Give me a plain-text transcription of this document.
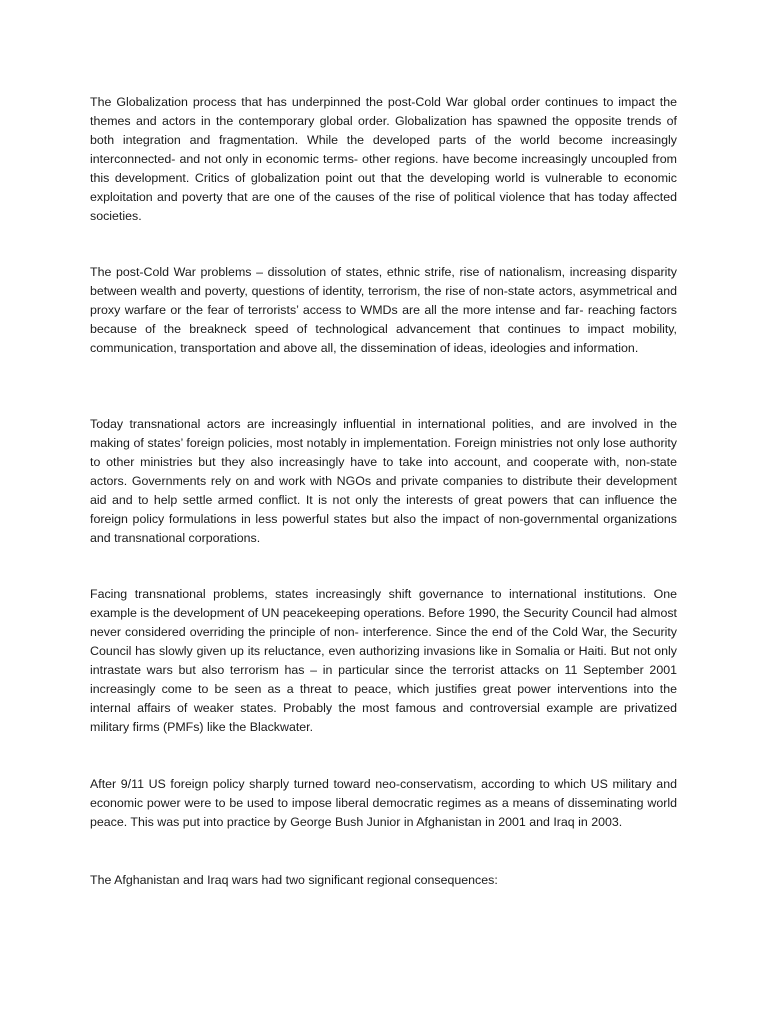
The Globalization process that has underpinned the post-Cold War global order continues to impact the themes and actors in the contemporary global order. Globalization has spawned the opposite trends of both integration and fragmentation. While the developed parts of the world become increasingly interconnected- and not only in economic terms- other regions. have become increasingly uncoupled from this development. Critics of globalization point out that the developing world is vulnerable to economic exploitation and poverty that are one of the causes of the rise of political violence that has today affected societies.

The post-Cold War problems – dissolution of states, ethnic strife, rise of nationalism, increasing disparity between wealth and poverty, questions of identity, terrorism, the rise of non-state actors, asymmetrical and proxy warfare or the fear of terrorists’ access to WMDs are all the more intense and far- reaching factors because of the breakneck speed of technological advancement that continues to impact mobility, communication, transportation and above all, the dissemination of ideas, ideologies and information.

Today transnational actors are increasingly influential in international polities, and are involved in the making of states’ foreign policies, most notably in implementation. Foreign ministries not only lose authority to other ministries but they also increasingly have to take into account, and cooperate with, non-state actors. Governments rely on and work with NGOs and private companies to distribute their development aid and to help settle armed conflict. It is not only the interests of great powers that can influence the foreign policy formulations in less powerful states but also the impact of non-governmental organizations and transnational corporations.

Facing transnational problems, states increasingly shift governance to international institutions. One example is the development of UN peacekeeping operations. Before 1990, the Security Council had almost never considered overriding the principle of non- interference. Since the end of the Cold War, the Security Council has slowly given up its reluctance, even authorizing invasions like in Somalia or Haiti. But not only intrastate wars but also terrorism has – in particular since the terrorist attacks on 11 September 2001 increasingly come to be seen as a threat to peace, which justifies great power interventions into the internal affairs of weaker states. Probably the most famous and controversial example are privatized military firms (PMFs) like the Blackwater.

After 9/11 US foreign policy sharply turned toward neo-conservatism, according to which US military and economic power were to be used to impose liberal democratic regimes as a means of disseminating world peace. This was put into practice by George Bush Junior in Afghanistan in 2001 and Iraq in 2003.

The Afghanistan and Iraq wars had two significant regional consequences:
